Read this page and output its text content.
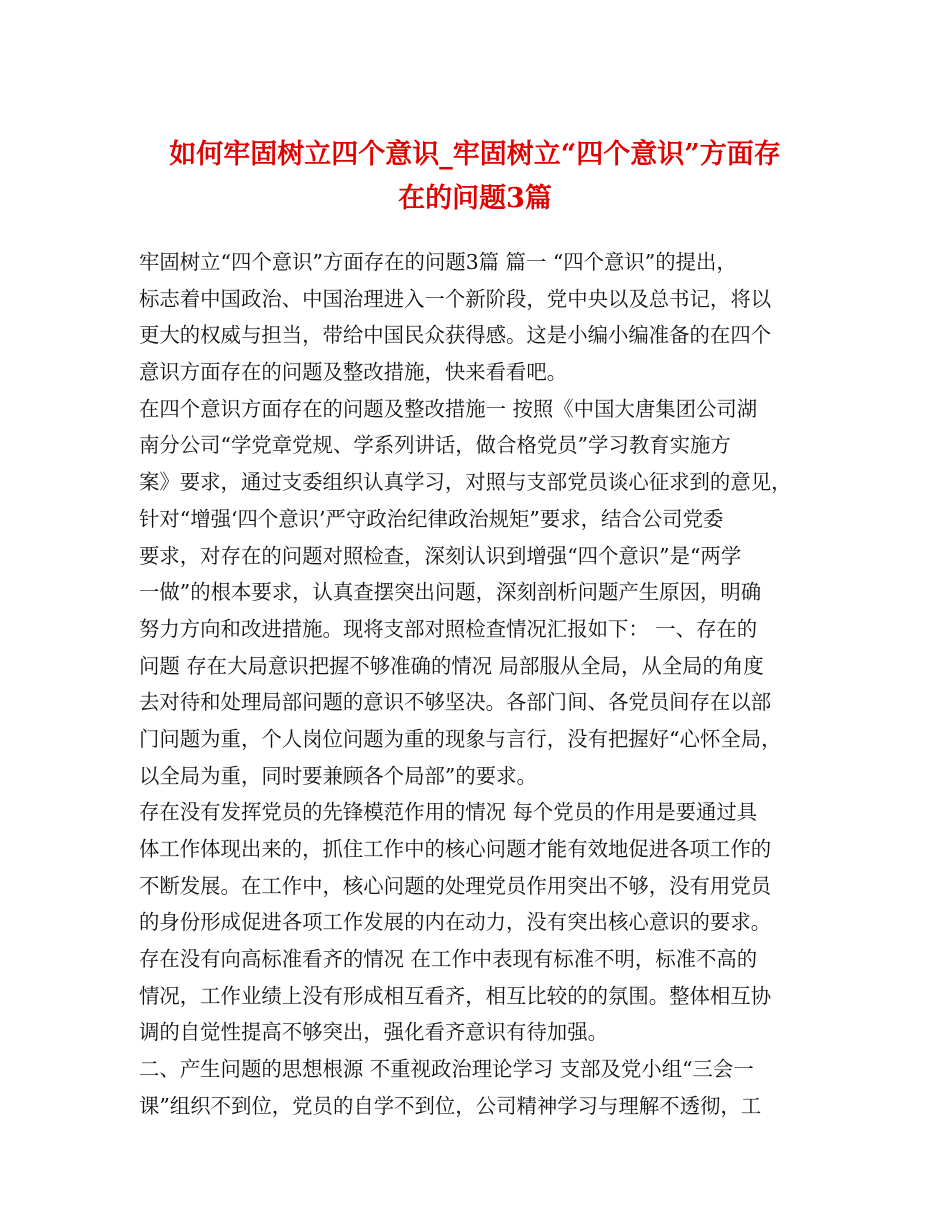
如何牢固树立四个意识_牢固树立“四个意识”方面存
在的问题3篇
牢固树立“四个意识”方面存在的问题3篇 篇一 “四个意识”的提出，
标志着中国政治、中国治理进入一个新阶段，党中央以及总书记，将以
更大的权威与担当，带给中国民众获得感。这是小编小编准备的在四个
意识方面存在的问题及整改措施，快来看看吧。
在四个意识方面存在的问题及整改措施一 按照《中国大唐集团公司湖
南分公司“学党章党规、学系列讲话，做合格党员”学习教育实施方
案》要求，通过支委组织认真学习，对照与支部党员谈心征求到的意见，
针对“增强‘四个意识’严守政治纪律政治规矩”要求，结合公司党委
要求，对存在的问题对照检查，深刻认识到增强“四个意识”是“两学
一做”的根本要求，认真查摆突出问题，深刻剖析问题产生原因，明确
努力方向和改进措施。现将支部对照检查情况汇报如下： 一、存在的
问题 存在大局意识把握不够准确的情况 局部服从全局，从全局的角度
去对待和处理局部问题的意识不够坚决。各部门间、各党员间存在以部
门问题为重，个人岗位问题为重的现象与言行，没有把握好“心怀全局，
以全局为重，同时要兼顾各个局部”的要求。
存在没有发挥党员的先锋模范作用的情况 每个党员的作用是要通过具
体工作体现出来的，抓住工作中的核心问题才能有效地促进各项工作的
不断发展。在工作中，核心问题的处理党员作用突出不够，没有用党员
的身份形成促进各项工作发展的内在动力，没有突出核心意识的要求。
存在没有向高标准看齐的情况 在工作中表现有标准不明，标准不高的
情况，工作业绩上没有形成相互看齐，相互比较的的氛围。整体相互协
调的自觉性提高不够突出，强化看齐意识有待加强。
二、产生问题的思想根源 不重视政治理论学习 支部及党小组“三会一
课”组织不到位，党员的自学不到位，公司精神学习与理解不透彻，工
